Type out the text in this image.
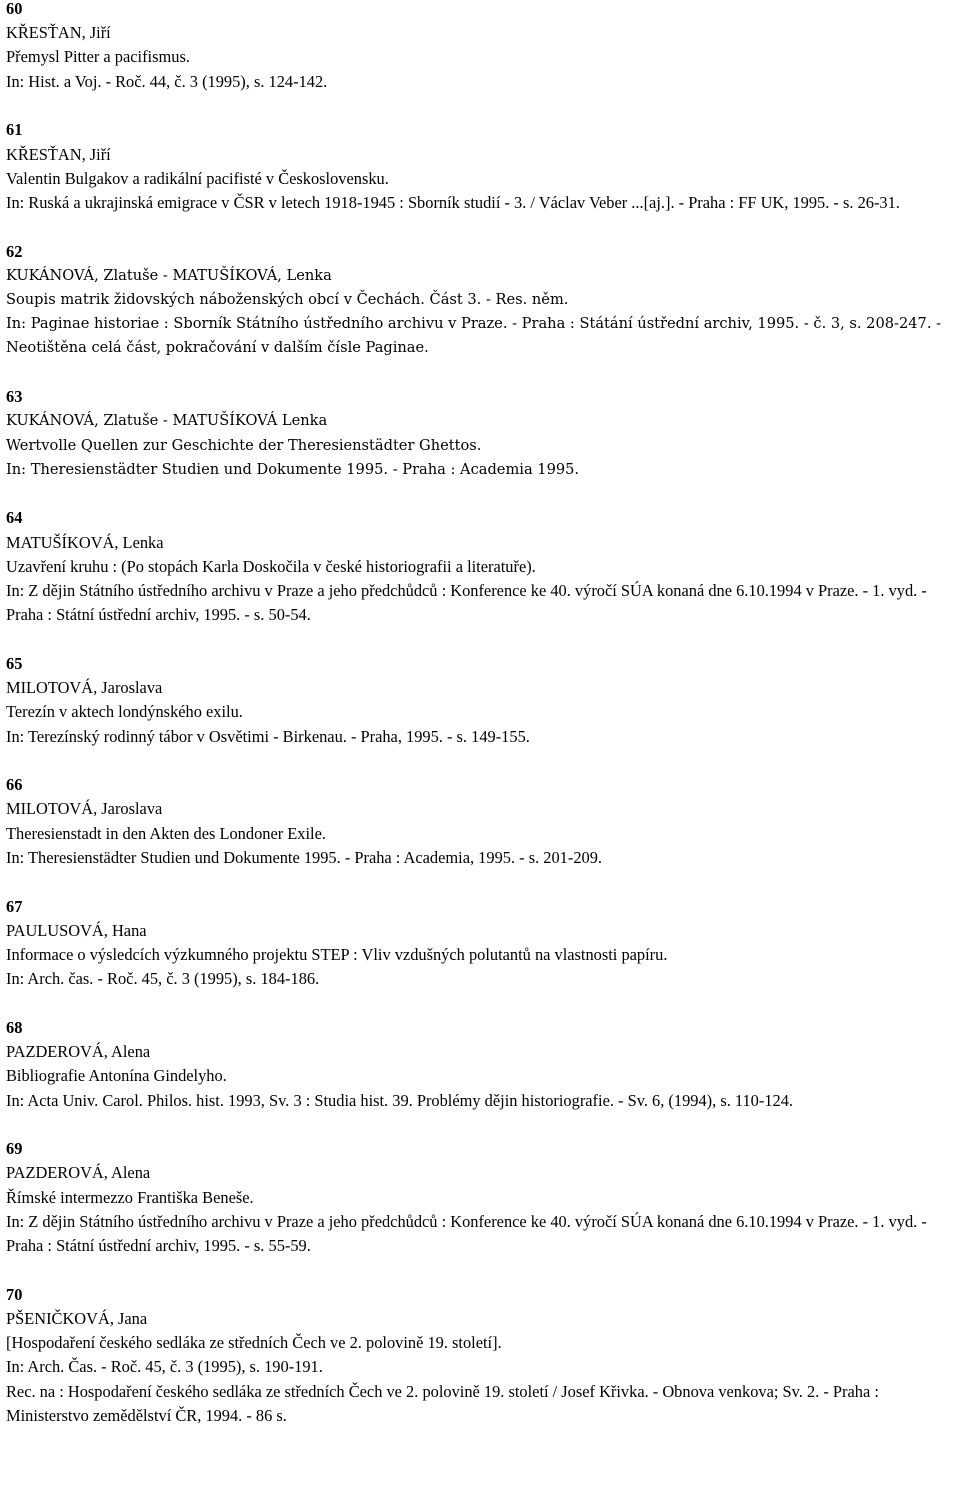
60
KŘESŤAN, Jiří
Přemysl Pitter a pacifismus.
In: Hist. a Voj. - Roč. 44, č. 3 (1995), s. 124-142.
61
KŘESŤAN, Jiří
Valentin Bulgakov a radikální pacifisté v Československu.
In: Ruská a ukrajinská emigrace v ČSR v letech 1918-1945 : Sborník studií - 3. / Václav Veber ...[aj.]. - Praha : FF UK, 1995. - s. 26-31.
62
KUKÁNOVÁ, Zlatuše - MATUŠÍKOVÁ, Lenka
Soupis matrik židovských náboženských obcí v Čechách. Část 3. - Res. něm.
In: Paginae historiae : Sborník Státního ústředního archivu v Praze. - Praha : Státání ústřední archiv, 1995. - č. 3, s. 208-247. - Neotištěna celá část, pokračování v dalším čísle Paginae.
63
KUKÁNOVÁ, Zlatuše - MATUŠÍKOVÁ Lenka
Wertvolle Quellen zur Geschichte der Theresienstädter Ghettos.
In: Theresienstädter Studien und Dokumente 1995. - Praha : Academia 1995.
64
MATUŠÍKOVÁ, Lenka
Uzavření kruhu : (Po stopách Karla Doskočila v české historiografii a literatuře).
In: Z dějin Státního ústředního archivu v Praze a jeho předchůdců : Konference ke 40. výročí SÚA konaná dne 6.10.1994 v Praze. - 1. vyd. - Praha : Státní ústřední archiv, 1995. - s. 50-54.
65
MILOTOVÁ, Jaroslava
Terezín v aktech londýnského exilu.
In: Terezínský rodinný tábor v Osvětimi - Birkenau. - Praha, 1995. - s. 149-155.
66
MILOTOVÁ, Jaroslava
Theresienstadt in den Akten des Londoner Exile.
In: Theresienstädter Studien und Dokumente 1995. - Praha : Academia, 1995. - s. 201-209.
67
PAULUSOVÁ, Hana
Informace o výsledcích výzkumného projektu STEP : Vliv vzdušných polutantů na vlastnosti papíru.
In: Arch. čas. - Roč. 45, č. 3 (1995), s. 184-186.
68
PAZDEROVÁ, Alena
Bibliografie Antonína Gindelyho.
In: Acta Univ. Carol. Philos. hist. 1993, Sv. 3 : Studia hist. 39. Problémy dějin historiografie. - Sv. 6, (1994), s. 110-124.
69
PAZDEROVÁ, Alena
Římské intermezzo Františka Beneše.
In: Z dějin Státního ústředního archivu v Praze a jeho předchůdců : Konference ke 40. výročí SÚA konaná dne 6.10.1994 v Praze. - 1. vyd. - Praha : Státní ústřední archiv, 1995. - s. 55-59.
70
PŠENIČKOVÁ, Jana
[Hospodaření českého sedláka ze středních Čech ve 2. polovině 19. století].
In: Arch. Čas. - Roč. 45, č. 3 (1995), s. 190-191.
Rec. na : Hospodaření českého sedláka ze středních Čech ve 2. polovině 19. století / Josef Křivka. - Obnova venkova; Sv. 2. - Praha : Ministerstvo zemědělství ČR, 1994. - 86 s.
